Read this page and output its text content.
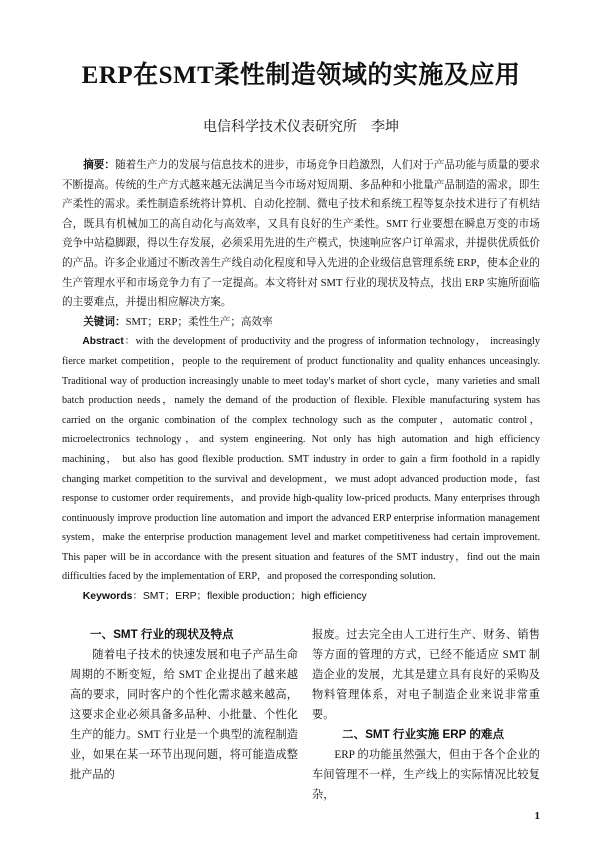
ERP在SMT柔性制造领域的实施及应用
电信科学技术仪表研究所　李坤

摘要：随着生产力的发展与信息技术的进步，市场竞争日趋激烈，人们对于产品功能与质量的要求不断提高。传统的生产方式越来越无法满足当今市场对短周期、多品种和小批量产品制造的需求，即生产柔性的需求。柔性制造系统将计算机、自动化控制、微电子技术和系统工程等复杂技术进行了有机结合，既具有机械加工的高自动化与高效率，又具有良好的生产柔性。SMT 行业要想在瞬息万变的市场竞争中站稳脚跟，得以生存发展，必须采用先进的生产模式，快速响应客户订单需求，并提供优质低价的产品。许多企业通过不断改善生产线自动化程度和导入先进的企业级信息管理系统 ERP，使本企业的生产管理水平和市场竞争力有了一定提高。本文将针对 SMT 行业的现状及特点，找出 ERP 实施所面临的主要难点，并提出相应解决方案。

关键词：SMT；ERP；柔性生产；高效率

Abstract：with the development of productivity and the progress of information technology， increasingly fierce market competition，people to the requirement of product functionality and quality enhances unceasingly. Traditional way of production increasingly unable to meet today's market of short cycle，many varieties and small batch production needs，namely the demand of the production of flexible. Flexible manufacturing system has carried on the organic combination of the complex technology such as the computer，automatic control，microelectronics technology，and system engineering. Not only has high automation and high efficiency machining， but also has good flexible production. SMT industry in order to gain a firm foothold in a rapidly changing market competition to the survival and development，we must adopt advanced production mode，fast response to customer order requirements，and provide high-quality low-priced products. Many enterprises through continuously improve production line automation and import the advanced ERP enterprise information management system，make the enterprise production management level and market competitiveness had certain improvement. This paper will be in accordance with the present situation and features of the SMT industry，find out the main difficulties faced by the implementation of ERP，and proposed the corresponding solution.

Keywords：SMT；ERP；flexible production；high efficiency

一、SMT 行业的现状及特点

随着电子技术的快速发展和电子产品生命周期的不断变短，给 SMT 企业提出了越来越高的要求，同时客户的个性化需求越来越高，这要求企业必须具备多品种、小批量、个性化生产的能力。SMT 行业是一个典型的流程制造业，如果在某一环节出现问题，将可能造成整批产品的

报废。过去完全由人工进行生产、财务、销售等方面的管理的方式，已经不能适应 SMT 制造企业的发展，尤其是建立具有良好的采购及物料管理体系，对电子制造企业来说非常重要。

二、SMT 行业实施 ERP 的难点

ERP 的功能虽然强大，但由于各个企业的车间管理不一样，生产线上的实际情况比较复杂，

1
